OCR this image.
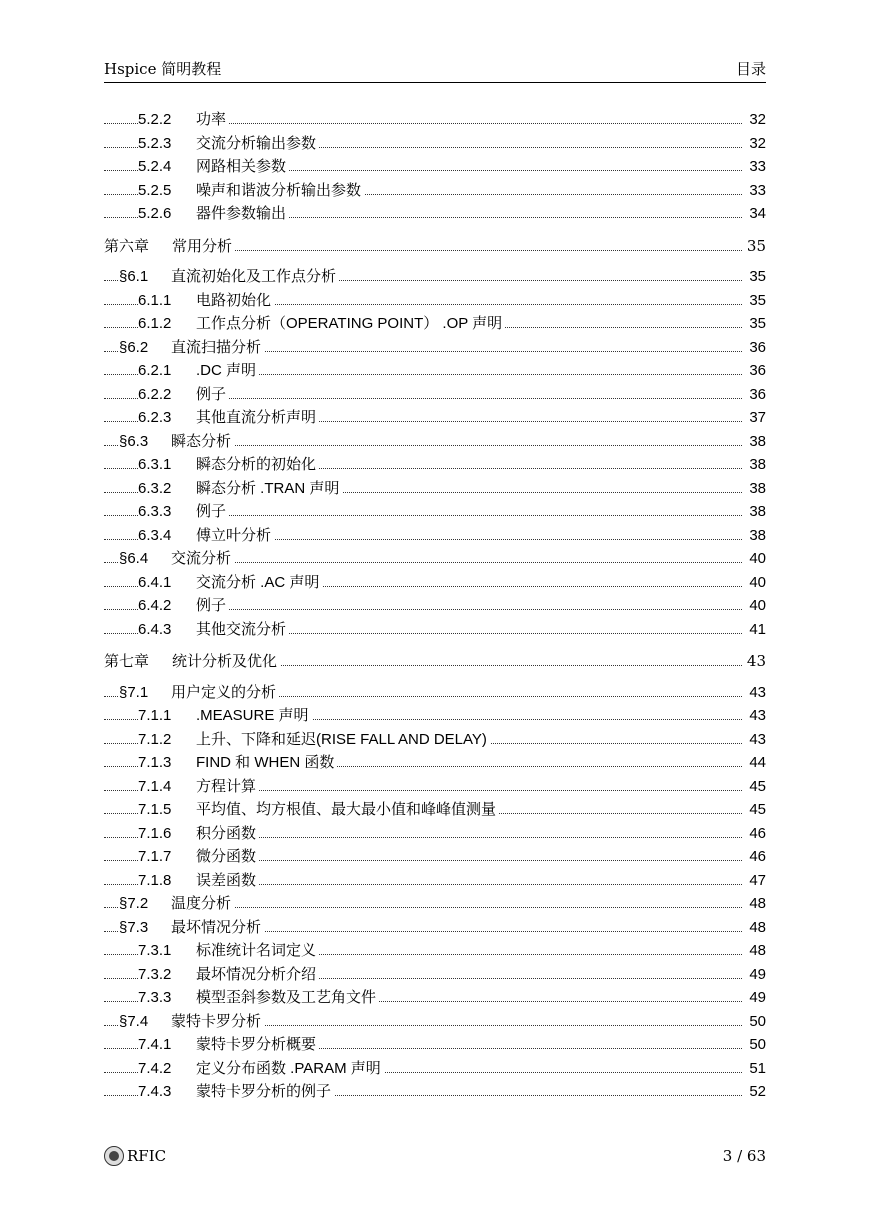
Hspice 简明教程	目录
5.2.2 功率	32
5.2.3 交流分析输出参数	32
5.2.4 网路相关参数	33
5.2.5 噪声和谐波分析输出参数	33
5.2.6 器件参数输出	34
第六章 常用分析	35
§6.1 直流初始化及工作点分析	35
6.1.1 电路初始化	35
6.1.2 工作点分析（OPERATING POINT） .OP 声明	35
§6.2 直流扫描分析	36
6.2.1 .DC 声明	36
6.2.2 例子	36
6.2.3 其他直流分析声明	37
§6.3 瞬态分析	38
6.3.1 瞬态分析的初始化	38
6.3.2 瞬态分析 .TRAN 声明	38
6.3.3 例子	38
6.3.4 傅立叶分析	38
§6.4 交流分析	40
6.4.1 交流分析 .AC 声明	40
6.4.2 例子	40
6.4.3 其他交流分析	41
第七章 统计分析及优化	43
§7.1 用户定义的分析	43
7.1.1.MEASURE 声明	43
7.1.2 上升、下降和延迟(RISE FALL AND DELAY)	43
7.1.3 FIND 和 WHEN 函数	44
7.1.4 方程计算	45
7.1.5 平均值、均方根值、最大最小值和峰峰值测量	45
7.1.6 积分函数	46
7.1.7 微分函数	46
7.1.8 误差函数	47
§7.2 温度分析	48
§7.3 最坏情况分析	48
7.3.1 标准统计名词定义	48
7.3.2 最坏情况分析介绍	49
7.3.3 模型歪斜参数及工艺角文件	49
§7.4 蒙特卡罗分析	50
7.4.1 蒙特卡罗分析概要	50
7.4.2 定义分布函数 .PARAM 声明	51
7.4.3 蒙特卡罗分析的例子	52
RFIC	3 / 63
